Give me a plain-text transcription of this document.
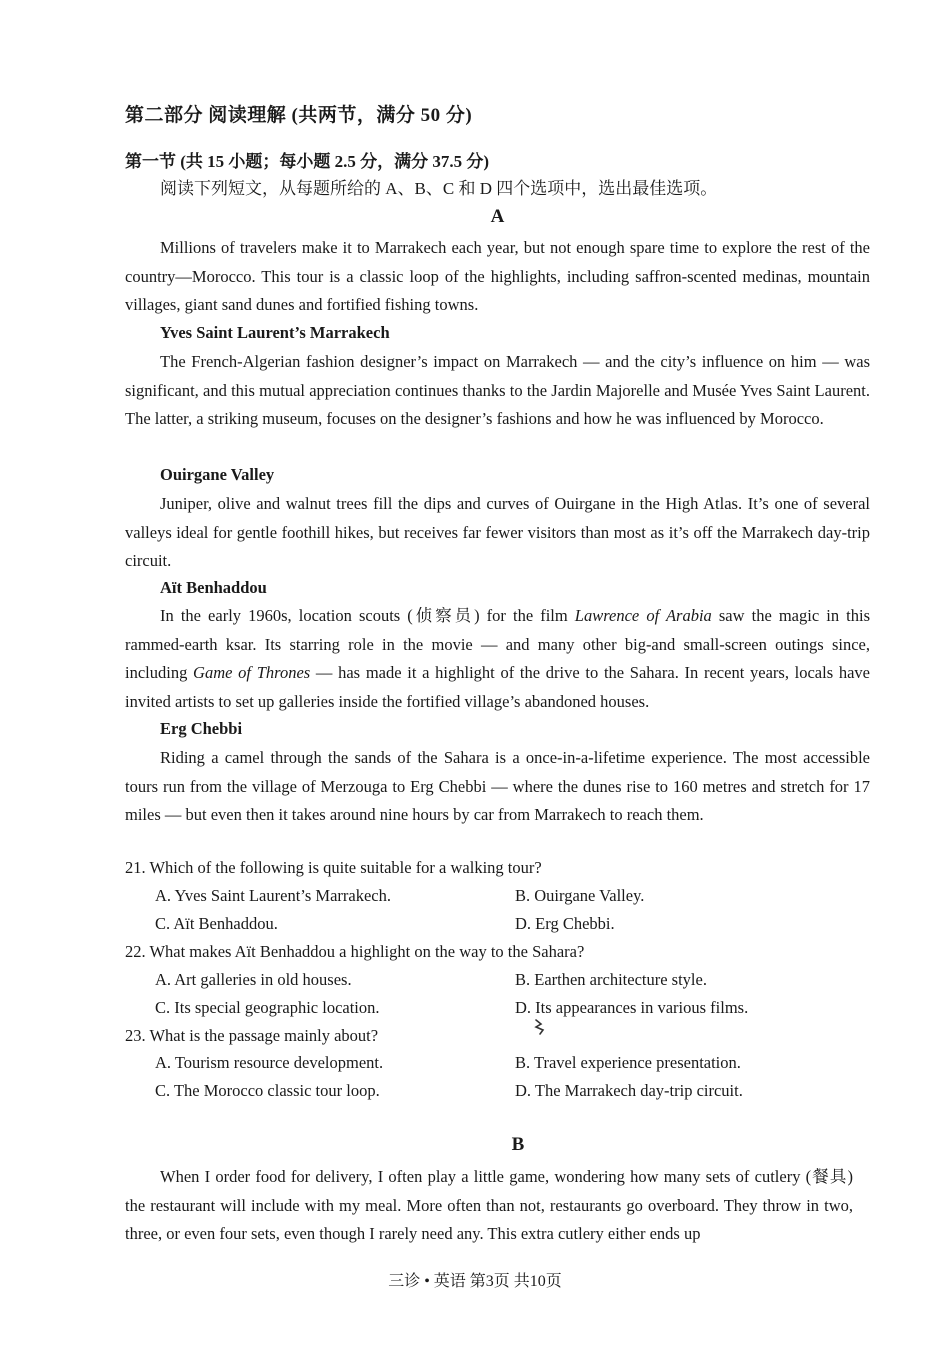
第二部分 阅读理解 (共两节，满分 50 分)
第一节 (共 15 小题；每小题 2.5 分，满分 37.5 分)
阅读下列短文，从每题所给的 A、B、C 和 D 四个选项中，选出最佳选项。
A
Millions of travelers make it to Marrakech each year, but not enough spare time to explore the rest of the country—Morocco. This tour is a classic loop of the highlights, including saffron-scented medinas, mountain villages, giant sand dunes and fortified fishing towns.
Yves Saint Laurent’s Marrakech
The French-Algerian fashion designer’s impact on Marrakech — and the city’s influence on him — was significant, and this mutual appreciation continues thanks to the Jardin Majorelle and Musée Yves Saint Laurent. The latter, a striking museum, focuses on the designer’s fashions and how he was influenced by Morocco.
Ouirgane Valley
Juniper, olive and walnut trees fill the dips and curves of Ouirgane in the High Atlas. It’s one of several valleys ideal for gentle foothill hikes, but receives far fewer visitors than most as it’s off the Marrakech day-trip circuit.
Aït Benhaddou
In the early 1960s, location scouts (侦察员) for the film Lawrence of Arabia saw the magic in this rammed-earth ksar. Its starring role in the movie — and many other big-and small-screen outings since, including Game of Thrones — has made it a highlight of the drive to the Sahara. In recent years, locals have invited artists to set up galleries inside the fortified village’s abandoned houses.
Erg Chebbi
Riding a camel through the sands of the Sahara is a once-in-a-lifetime experience. The most accessible tours run from the village of Merzouga to Erg Chebbi — where the dunes rise to 160 metres and stretch for 17 miles — but even then it takes around nine hours by car from Marrakech to reach them.
21. Which of the following is quite suitable for a walking tour?
A. Yves Saint Laurent’s Marrakech.	B. Ouirgane Valley.
C. Aït Benhaddou.	D. Erg Chebbi.
22. What makes Aït Benhaddou a highlight on the way to the Sahara?
A. Art galleries in old houses.	B. Earthen architecture style.
C. Its special geographic location.	D. Its appearances in various films.
23. What is the passage mainly about?
A. Tourism resource development.	B. Travel experience presentation.
C. The Morocco classic tour loop.	D. The Marrakech day-trip circuit.
B
When I order food for delivery, I often play a little game, wondering how many sets of cutlery (餐具) the restaurant will include with my meal. More often than not, restaurants go overboard. They throw in two, three, or even four sets, even though I rarely need any. This extra cutlery either ends up
三诊 • 英语 第3页 共10页
